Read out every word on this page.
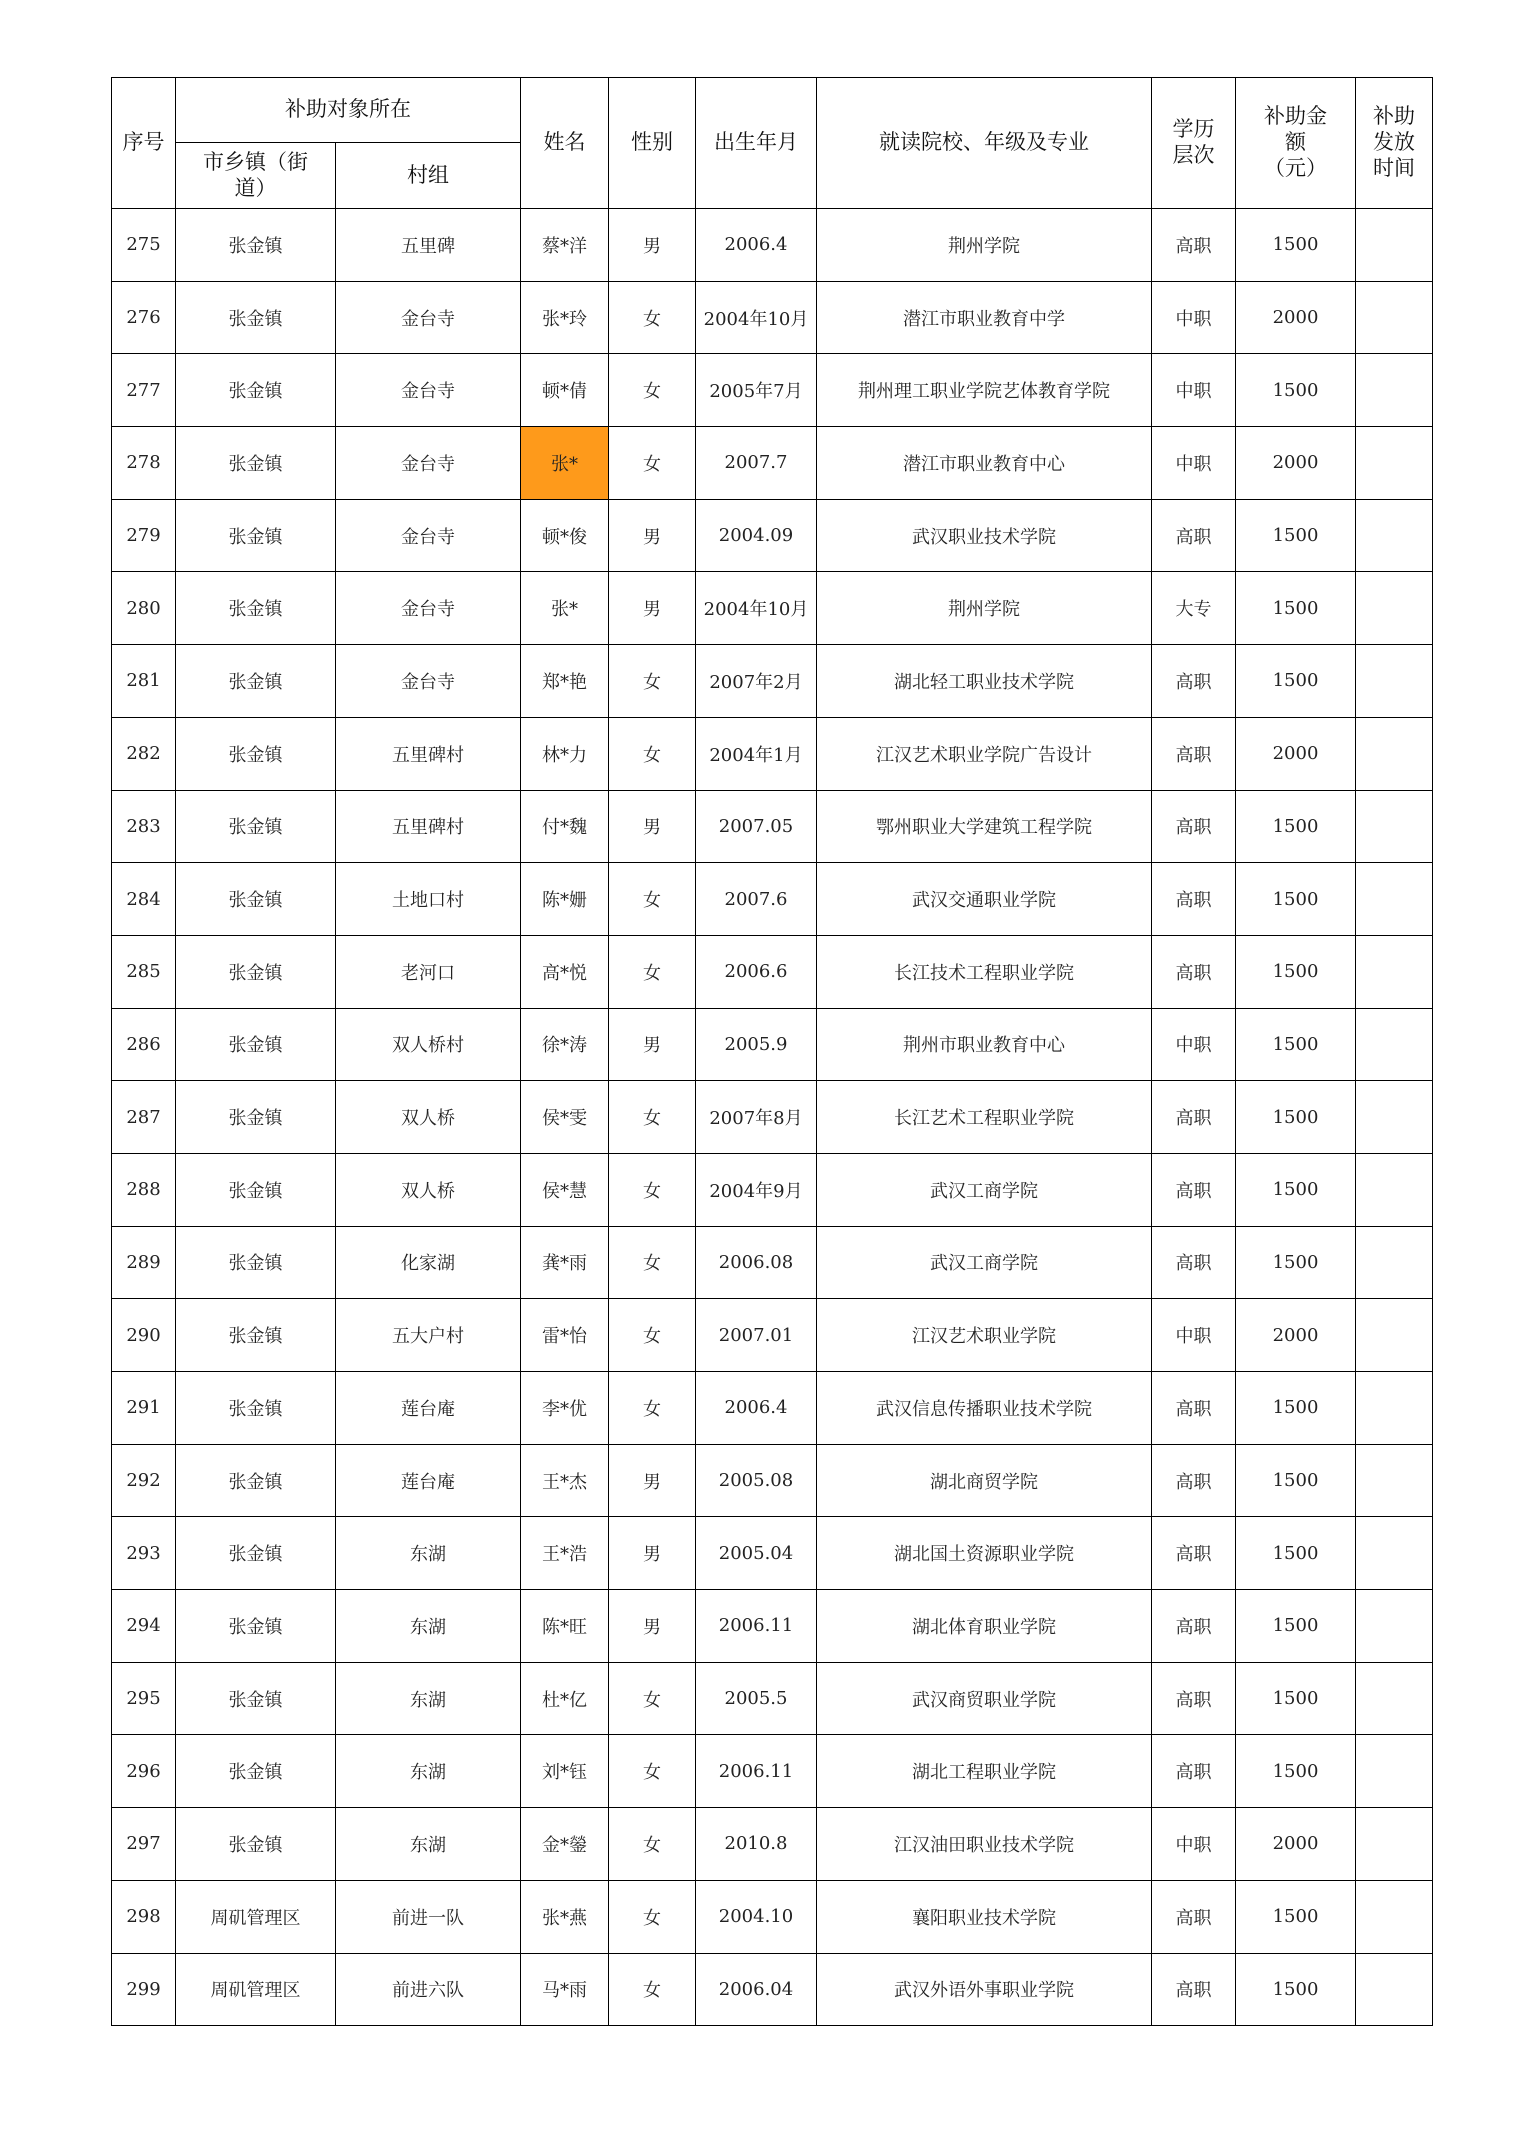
序号	补助对象所在		姓名	性别	出生年月	就读院校、年级及专业	学历层次	补助金额（元）	补助发放时间
	市乡镇（街道）	村组							
275	张金镇	五里碑	蔡*洋	男	2006.4	荆州学院	高职	1500	
276	张金镇	金台寺	张*玲	女	2004年10月	潜江市职业教育中学	中职	2000	
277	张金镇	金台寺	顿*倩	女	2005年7月	荆州理工职业学院艺体教育学院	中职	1500	
278	张金镇	金台寺	张*	女	2007.7	潜江市职业教育中心	中职	2000	
279	张金镇	金台寺	顿*俊	男	2004.09	武汉职业技术学院	高职	1500	
280	张金镇	金台寺	张*	男	2004年10月	荆州学院	大专	1500	
281	张金镇	金台寺	郑*艳	女	2007年2月	湖北轻工职业技术学院	高职	1500	
282	张金镇	五里碑村	林*力	女	2004年1月	江汉艺术职业学院广告设计	高职	2000	
283	张金镇	五里碑村	付*魏	男	2007.05	鄂州职业大学建筑工程学院	高职	1500	
284	张金镇	土地口村	陈*姗	女	2007.6	武汉交通职业学院	高职	1500	
285	张金镇	老河口	高*悦	女	2006.6	长江技术工程职业学院	高职	1500	
286	张金镇	双人桥村	徐*涛	男	2005.9	荆州市职业教育中心	中职	1500	
287	张金镇	双人桥	侯*雯	女	2007年8月	长江艺术工程职业学院	高职	1500	
288	张金镇	双人桥	侯*慧	女	2004年9月	武汉工商学院	高职	1500	
289	张金镇	化家湖	龚*雨	女	2006.08	武汉工商学院	高职	1500	
290	张金镇	五大户村	雷*怡	女	2007.01	江汉艺术职业学院	中职	2000	
291	张金镇	莲台庵	李*优	女	2006.4	武汉信息传播职业技术学院	高职	1500	
292	张金镇	莲台庵	王*杰	男	2005.08	湖北商贸学院	高职	1500	
293	张金镇	东湖	王*浩	男	2005.04	湖北国土资源职业学院	高职	1500	
294	张金镇	东湖	陈*旺	男	2006.11	湖北体育职业学院	高职	1500	
295	张金镇	东湖	杜*亿	女	2005.5	武汉商贸职业学院	高职	1500	
296	张金镇	东湖	刘*钰	女	2006.11	湖北工程职业学院	高职	1500	
297	张金镇	东湖	金*鎣	女	2010.8	江汉油田职业技术学院	中职	2000	
298	周矶管理区	前进一队	张*燕	女	2004.10	襄阳职业技术学院	高职	1500	
299	周矶管理区	前进六队	马*雨	女	2006.04	武汉外语外事职业学院	高职	1500	
